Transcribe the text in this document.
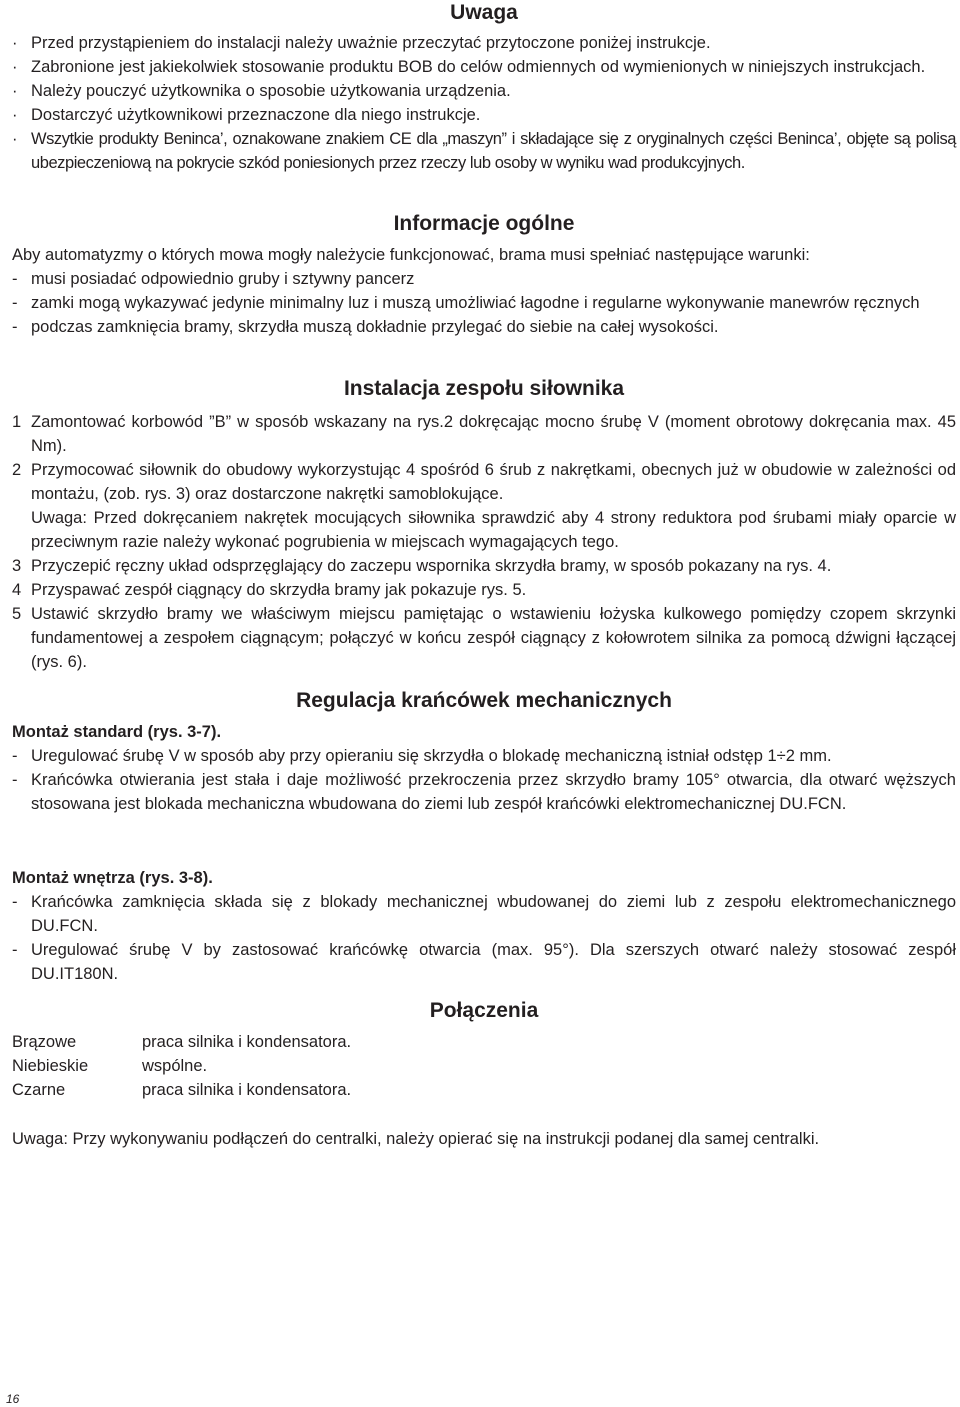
Uwaga
· Przed przystąpieniem do instalacji należy uważnie przeczytać przytoczone poniżej instrukcje.
· Zabronione jest jakiekolwiek stosowanie produktu BOB do celów odmiennych od wymienionych w niniejszych instrukcjach.
· Należy pouczyć użytkownika o sposobie użytkowania urządzenia.
· Dostarczyć użytkownikowi przeznaczone dla niego instrukcje.
· Wszytkie produkty Beninca’, oznakowane znakiem CE dla „maszyn” i składające się z oryginalnych części Beninca’, objęte są polisą ubezpieczeniową na pokrycie szkód poniesionych przez rzeczy lub osoby w wyniku wad produkcyjnych.
Informacje ogólne
Aby automatyzmy o których mowa mogły należycie funkcjonować, brama musi spełniać następujące warunki:
- musi posiadać odpowiednio gruby i sztywny pancerz
- zamki mogą wykazywać jedynie minimalny luz i muszą umożliwiać łagodne i regularne wykonywanie manewrów ręcznych
- podczas zamknięcia bramy, skrzydła muszą dokładnie przylegać do siebie na całej wysokości.
Instalacja zespołu siłownika
1 Zamontować korbowód ”B” w sposób wskazany na rys.2 dokręcając mocno śrubę V (moment obrotowy dokręcania max. 45 Nm).
2 Przymocować siłownik do obudowy wykorzystując 4 spośród 6 śrub z nakrętkami, obecnych już w obudowie w zależności od montażu, (zob. rys. 3) oraz dostarczone nakrętki samoblokujące.
Uwaga: Przed dokręcaniem nakrętek mocujących siłownika sprawdzić aby 4 strony reduktora pod śrubami miały oparcie w przeciwnym razie należy wykonać pogrubienia w miejscach wymagających tego.
3 Przyczepić ręczny układ odsprzęglający do zaczepu wspornika skrzydła bramy, w sposób pokazany na rys. 4.
4 Przyspawać zespół ciągnący do skrzydła bramy jak pokazuje rys. 5.
5 Ustawić skrzydło bramy we właściwym miejscu pamiętając o wstawieniu łożyska kulkowego pomiędzy czopem skrzynki fundamentowej a zespołem ciągnącym; połączyć w końcu zespół ciągnący z kołowrotem silnika za pomocą dźwigni łączącej (rys. 6).
Regulacja krańcówek mechanicznych
Montaż standard (rys. 3-7).
- Uregulować śrubę V w sposób aby przy opieraniu się skrzydła o blokadę mechaniczną istniał odstęp 1÷2 mm.
- Krańcówka otwierania jest stała i daje możliwość przekroczenia przez skrzydło bramy 105° otwarcia, dla otwarć węższych stosowana jest blokada mechaniczna wbudowana do ziemi lub zespół krańcówki elektromechanicznej DU.FCN.
Montaż wnętrza (rys. 3-8).
- Krańcówka zamknięcia składa się z blokady mechanicznej wbudowanej do ziemi lub z zespołu elektromechanicznego DU.FCN.
- Uregulować śrubę V by zastosować krańcówkę otwarcia (max. 95°). Dla szerszych otwarć należy stosować zespół DU.IT180N.
Połączenia
Brązowe	praca silnika i kondensatora.
Niebieskie	wspólne.
Czarne	praca silnika i kondensatora.
Uwaga: Przy wykonywaniu podłączeń do centralki, należy opierać się na instrukcji podanej dla samej centralki.
16
